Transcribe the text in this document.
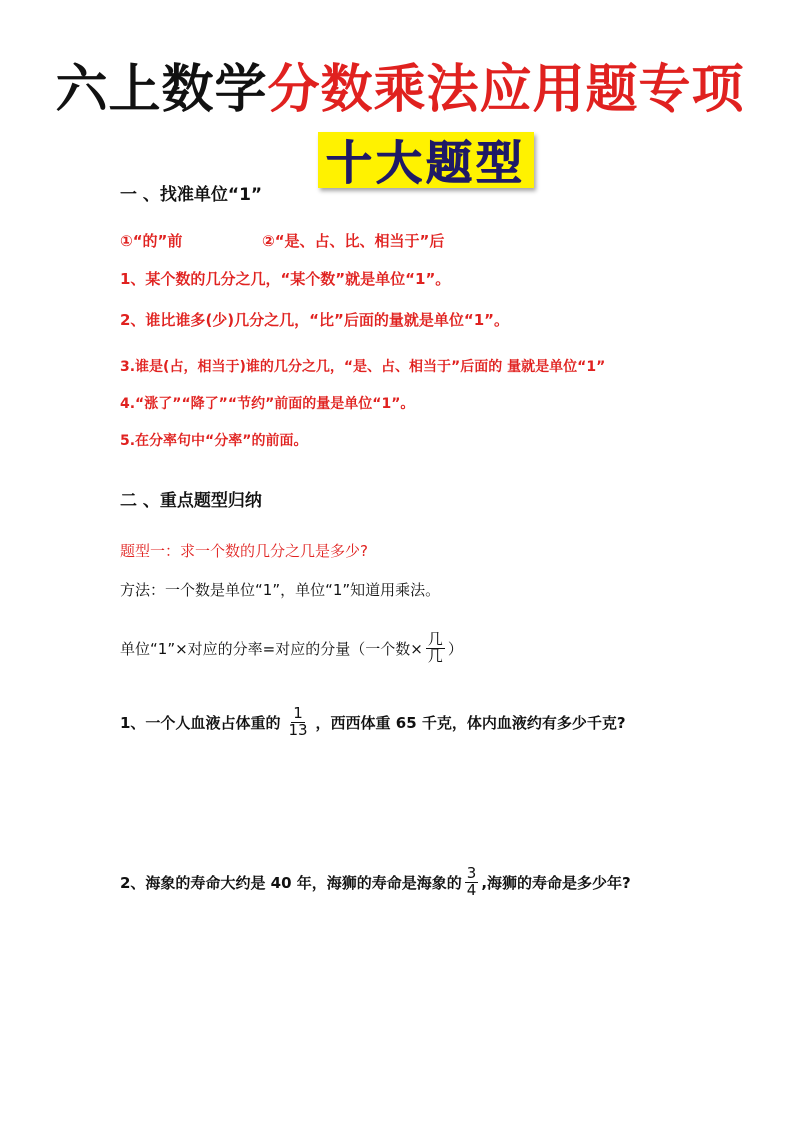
六上数学分数乘法应用题专项
十大题型
一 、找准单位“1”
①“的”前	②“是、占、比、相当于”后
1、某个数的几分之几，“某个数”就是单位“1”。
2、谁比谁多(少)几分之几，“比”后面的量就是单位“1”。
3.谁是(占，相当于)谁的几分之几，“是、占、相当于”后面的 量就是单位“1”
4.“涨了”“降了”“节约”前面的量是单位“1”。
5.在分率句中“分率”的前面。
二 、重点题型归纳
题型一：求一个数的几分之几是多少?
方法：一个数是单位“1”，单位“1”知道用乘法。
单位“1”×对应的分率=对应的分量（一个数× $\frac{\text{几}}{\text{几}}$ ）
1、一个人血液占体重的 $\frac{1}{13}$ ，西西体重 65 千克，体内血液约有多少千克?
2、海象的寿命大约是 40 年，海狮的寿命是海象的 $\frac{3}{4}$ ,海狮的寿命是多少年?
